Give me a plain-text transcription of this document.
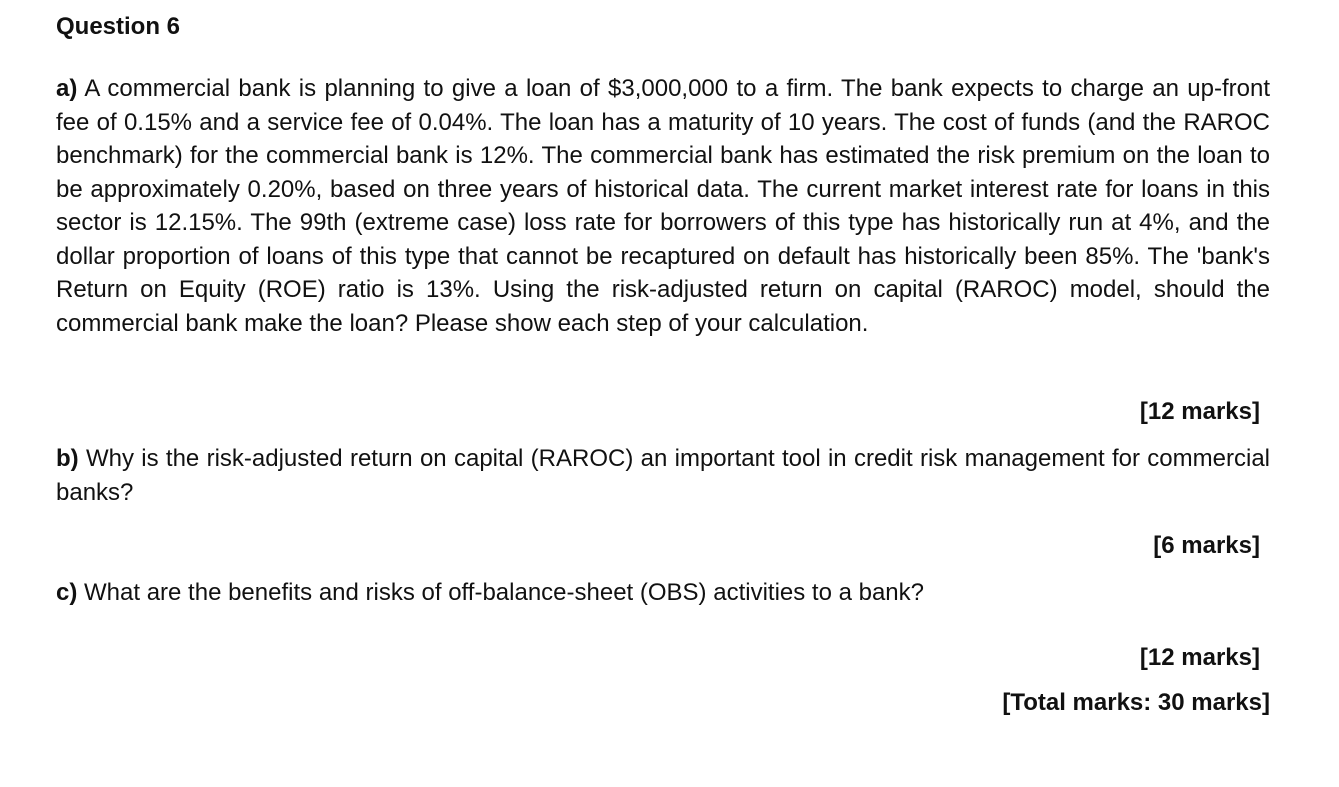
Question 6
a) A commercial bank is planning to give a loan of $3,000,000 to a firm. The bank expects to charge an up-front fee of 0.15% and a service fee of 0.04%. The loan has a maturity of 10 years. The cost of funds (and the RAROC benchmark) for the commercial bank is 12%. The commercial bank has estimated the risk premium on the loan to be approximately 0.20%, based on three years of historical data. The current market interest rate for loans in this sector is 12.15%. The 99th (extreme case) loss rate for borrowers of this type has historically run at 4%, and the dollar proportion of loans of this type that cannot be recaptured on default has historically been 85%. The 'bank's Return on Equity (ROE) ratio is 13%. Using the risk-adjusted return on capital (RAROC) model, should the commercial bank make the loan? Please show each step of your calculation.
[12 marks]
b) Why is the risk-adjusted return on capital (RAROC) an important tool in credit risk management for commercial banks?
[6 marks]
c) What are the benefits and risks of off-balance-sheet (OBS) activities to a bank?
[12 marks]
[Total marks: 30 marks]
